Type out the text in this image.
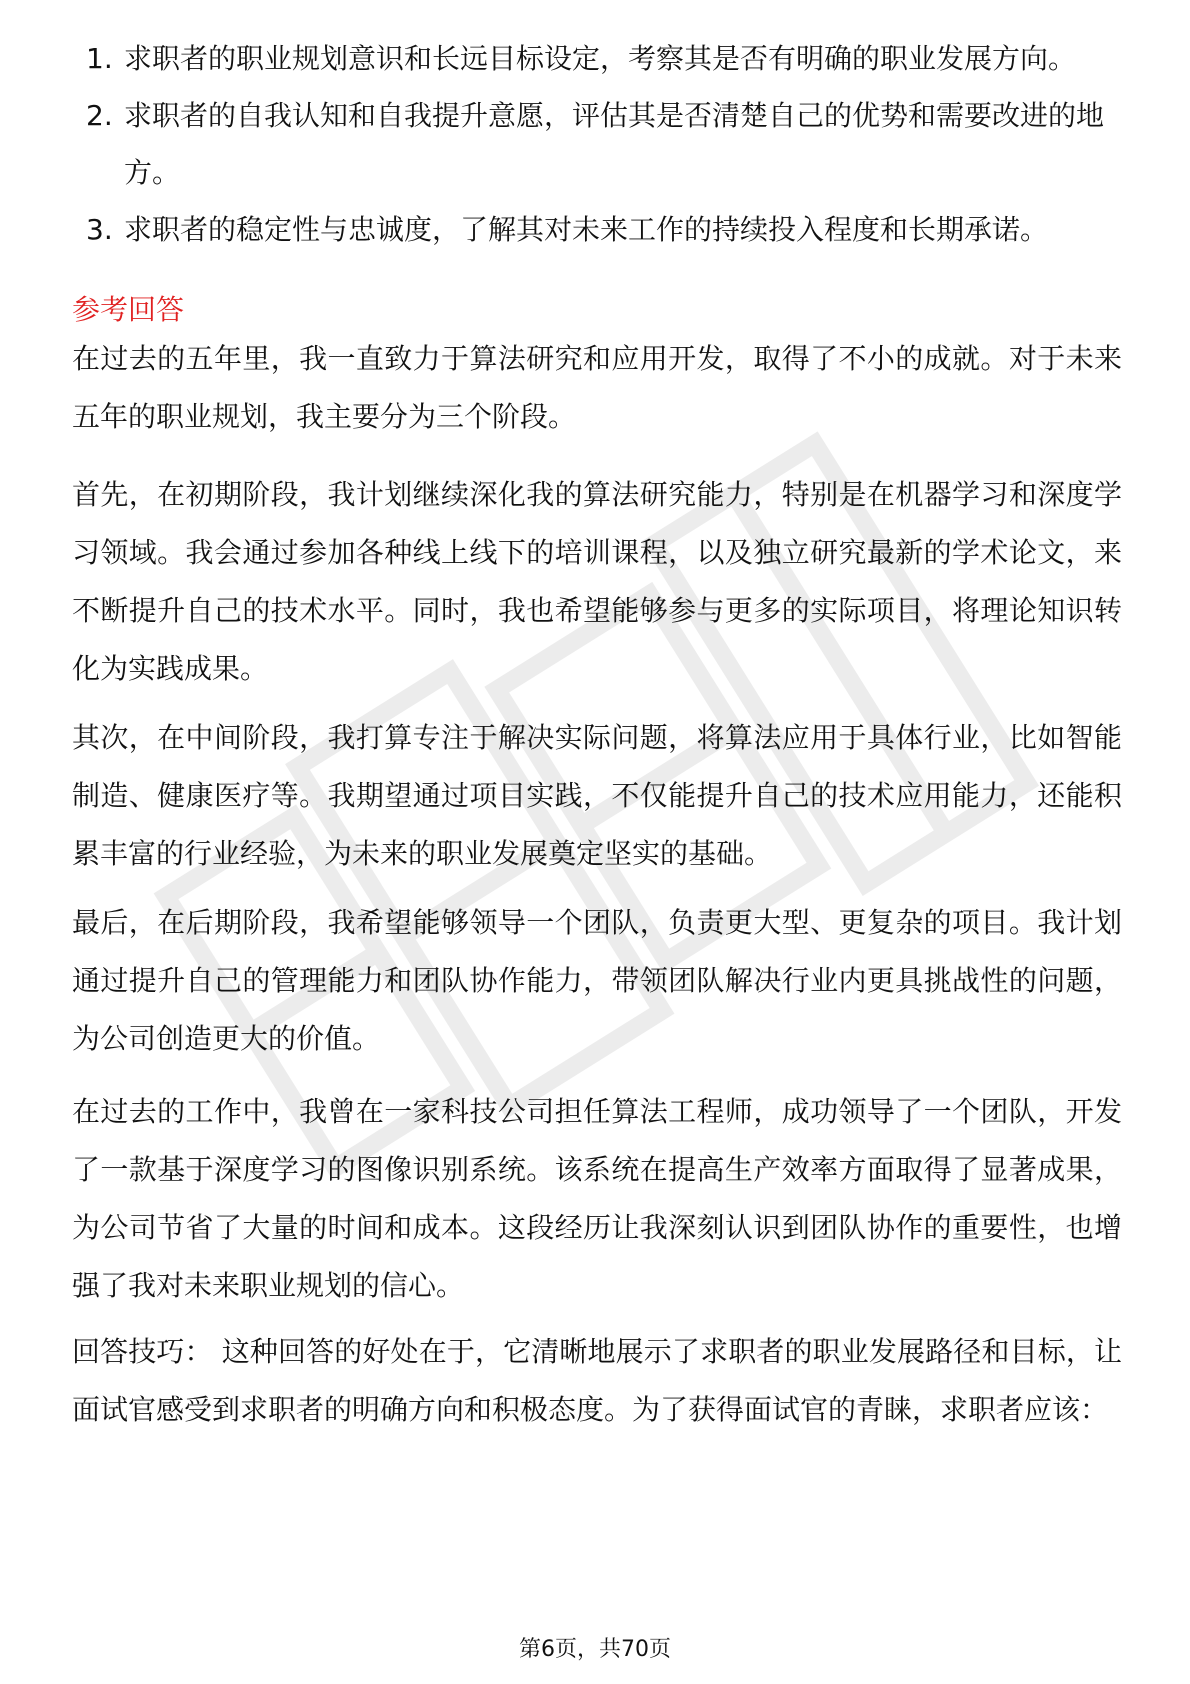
1. 求职者的职业规划意识和长远目标设定，考察其是否有明确的职业发展方向。
2. 求职者的自我认知和自我提升意愿，评估其是否清楚自己的优势和需要改进的地方。
3. 求职者的稳定性与忠诚度，了解其对未来工作的持续投入程度和长期承诺。
参考回答

在过去的五年里，我一直致力于算法研究和应用开发，取得了不小的成就。对于未来五年的职业规划，我主要分为三个阶段。

首先，在初期阶段，我计划继续深化我的算法研究能力，特别是在机器学习和深度学习领域。我会通过参加各种线上线下的培训课程，以及独立研究最新的学术论文，来不断提升自己的技术水平。同时，我也希望能够参与更多的实际项目，将理论知识转化为实践成果。

其次，在中间阶段，我打算专注于解决实际问题，将算法应用于具体行业，比如智能制造、健康医疗等。我期望通过项目实践，不仅能提升自己的技术应用能力，还能积累丰富的行业经验，为未来的职业发展奠定坚实的基础。

最后，在后期阶段，我希望能够领导一个团队，负责更大型、更复杂的项目。我计划通过提升自己的管理能力和团队协作能力，带领团队解决行业内更具挑战性的问题，为公司创造更大的价值。

在过去的工作中，我曾在一家科技公司担任算法工程师，成功领导了一个团队，开发了一款基于深度学习的图像识别系统。该系统在提高生产效率方面取得了显著成果，为公司节省了大量的时间和成本。这段经历让我深刻认识到团队协作的重要性，也增强了我对未来职业规划的信心。

回答技巧： 这种回答的好处在于，它清晰地展示了求职者的职业发展路径和目标，让面试官感受到求职者的明确方向和积极态度。为了获得面试官的青睐，求职者应该：

第6页，共70页
